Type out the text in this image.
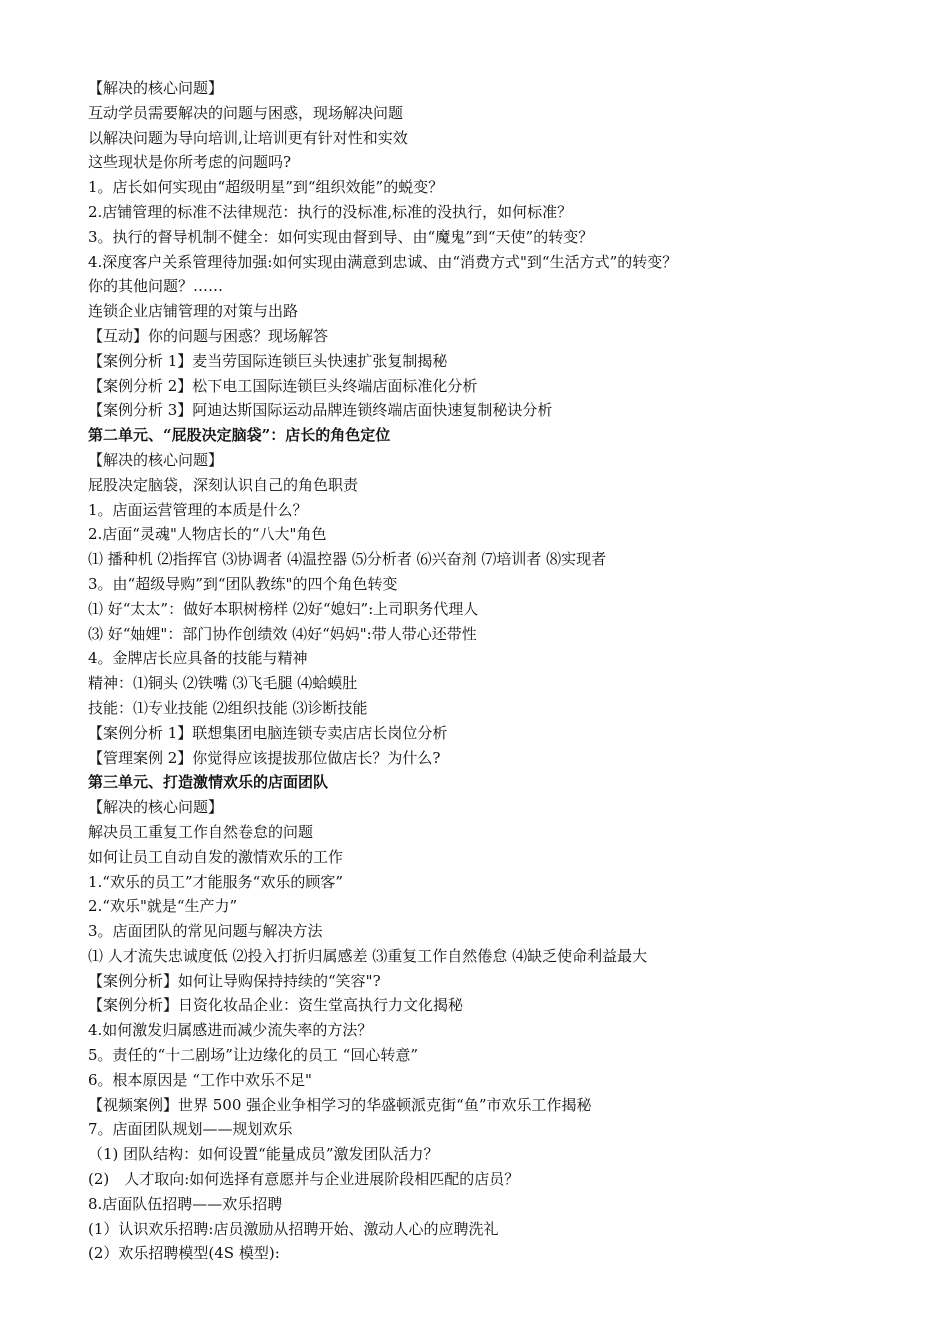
【解决的核心问题】
互动学员需要解决的问题与困惑，现场解决问题
以解决问题为导向培训,让培训更有针对性和实效
这些现状是你所考虑的问题吗?
1。店长如何实现由“超级明星”到“组织效能”的蜕变？
2.店铺管理的标准不法律规范：执行的没标准,标准的没执行，如何标准？
3。执行的督导机制不健全：如何实现由督到导、由“魔鬼”到“天使”的转变？
4.深度客户关系管理待加强:如何实现由满意到忠诚、由“消费方式"到“生活方式”的转变？
你的其他问题？……
连锁企业店铺管理的对策与出路
【互动】你的问题与困惑？现场解答
【案例分析 1】麦当劳国际连锁巨头快速扩张复制揭秘
【案例分析 2】松下电工国际连锁巨头终端店面标准化分析
【案例分析 3】阿迪达斯国际运动品牌连锁终端店面快速复制秘诀分析
第二单元、“屁股决定脑袋”：店长的角色定位
【解决的核心问题】
屁股决定脑袋，深刻认识自己的角色职责
1。店面运营管理的本质是什么？
2.店面“灵魂"人物店长的“八大"角色
⑴ 播种机 ⑵指挥官 ⑶协调者 ⑷温控器 ⑸分析者 ⑹兴奋剂 ⑺培训者 ⑻实现者
3。由“超级导购”到“团队教练"的四个角色转变
⑴ 好“太太”：做好本职树榜样 ⑵好“媳妇”:上司职务代理人
⑶ 好“妯娌"：部门协作创绩效 ⑷好“妈妈":带人带心还带性
4。金牌店长应具备的技能与精神
精神：⑴铜头 ⑵铁嘴 ⑶飞毛腿 ⑷蛤蟆肚
技能：⑴专业技能 ⑵组织技能 ⑶诊断技能
【案例分析 1】联想集团电脑连锁专卖店店长岗位分析
【管理案例 2】你觉得应该提拔那位做店长？为什么?
第三单元、打造激情欢乐的店面团队
【解决的核心问题】
解决员工重复工作自然卷怠的问题
如何让员工自动自发的激情欢乐的工作
1.“欢乐的员工”才能服务“欢乐的顾客”
2.“欢乐"就是“生产力”
3。店面团队的常见问题与解决方法
⑴ 人才流失忠诚度低 ⑵投入打折归属感差 ⑶重复工作自然倦怠 ⑷缺乏使命利益最大
【案例分析】如何让导购保持持续的“笑容"?
【案例分析】日资化妆品企业：资生堂高执行力文化揭秘
4.如何激发归属感进而减少流失率的方法？
5。责任的“十二剧场”让边缘化的员工 “回心转意”
6。根本原因是 “工作中欢乐不足"
【视频案例】世界 500 强企业争相学习的华盛顿派克街“鱼”市欢乐工作揭秘
7。店面团队规划——规划欢乐
（1) 团队结构：如何设置“能量成员”激发团队活力？
(2)　人才取向:如何选择有意愿并与企业进展阶段相匹配的店员？
8.店面队伍招聘——欢乐招聘
(1）认识欢乐招聘:店员激励从招聘开始、激动人心的应聘洗礼
(2）欢乐招聘模型(4S 模型):
